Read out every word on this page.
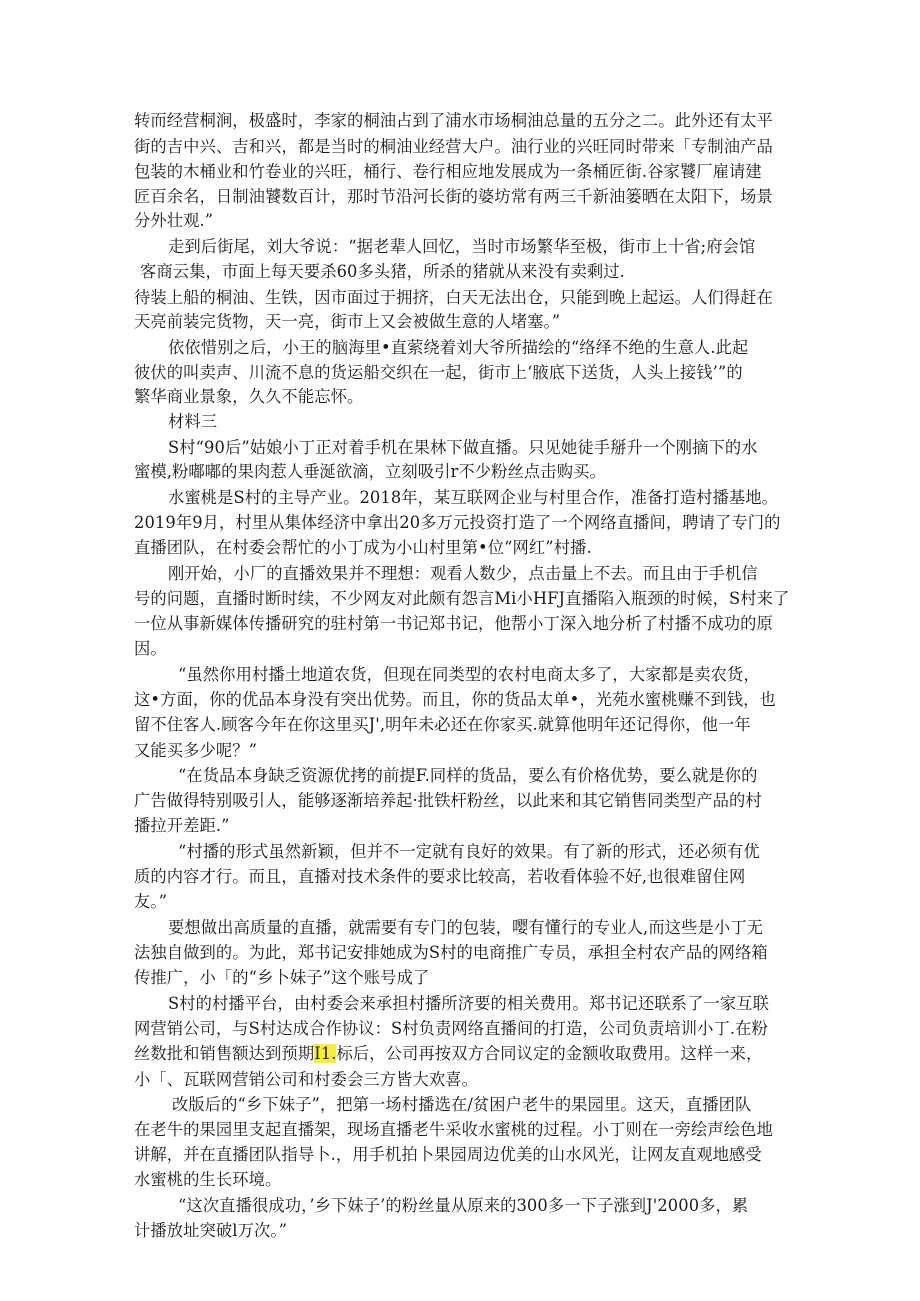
转而经营桐涧，极盛时，李家的桐油占到了浦水市场桐油总量的五分之二。此外还有太平

街的吉中兴、吉和兴，都是当时的桐油业经营大户。油行业的兴旺同时带来「专制油产品

包装的木桶业和竹卷业的兴旺，桶行、卷行相应地发展成为一条桶匠街.谷家饕厂雇请建

匠百余名，日制油饕数百计，那时节沿河长街的婆坊常有两三千新油篓晒在太阳下，场景

分外壮观.”

走到后街尾，刘大爷说：“据老辈人回忆，当时市场繁华至极，街市上十省;府会馆

客商云集，市面上每天要杀60多头猪，所杀的猪就从来没有卖剩过.

待装上船的桐油、生铁，因市面过于拥挤，白天无法出仓，只能到晚上起运。人们得赶在

天亮前装完货物，天一亮，街市上又会被做生意的人堵塞。”

依依惜别之后，小王的脑海里•直萦绕着刘大爷所描绘的“络绎不绝的生意人.此起

彼伏的叫卖声、川流不息的货运船交织在一起，街市上‘腋底下送货，人头上接钱’”的

繁华商业景象，久久不能忘怀。

材料三

S村“90后”姑娘小丁正对着手机在果林下做直播。只见她徒手掰升一个刚摘下的水

蜜模,粉嘟嘟的果肉惹人垂涎欲滴，立刻吸引r不少粉丝点击购买。

水蜜桃是S村的主导产业。2018年，某互联网企业与村里合作，准备打造村播基地。

2019年9月，村里从集体经济中拿出20多万元投资打造了一个网络直播间，聘请了专门的

直播团队，在村委会帮忙的小丁成为小山村里第•位“网红”村播.

刚开始，小厂的直播效果并不理想：观看人数少，点击量上不去。而且由于手机信

号的问题，直播时断时续，不少网友对此颇有怨言Mi小HFJ直播陷入瓶颈的时候，S村来了

一位从事新媒体传播研究的驻村第一书记郑书记，他帮小丁深入地分析了村播不成功的原

因。

“虽然你用村播土地道农货，但现在同类型的农村电商太多了，大家都是卖农货，

这•方面，你的优品本身没有突出优势。而且，你的货品太单•，光苑水蜜桃赚不到钱，也

留不住客人.顾客今年在你这里买J',明年未必还在你家买.就算他明年还记得你，他一年

又能买多少呢？”

“在货品本身缺乏资源优拷的前提F.同样的货品，要么有价格优势，要么就是你的

广告做得特别吸引人，能够逐渐培养起·批铁杆粉丝，以此来和其它销售同类型产品的村

播拉开差距.”

“村播的形式虽然新颖，但并不一定就有良好的效果。有了新的形式，还必须有优

质的内容才行。而且，直播对技术条件的要求比较高，若收看体验不好,也很难留住网

友。”

要想做出高质量的直播，就需要有专门的包装，嘤有懂行的专业人,而这些是小丁无

法独自做到的。为此，郑书记安排她成为S村的电商推广专员，承担全村农产品的网络箱

传推广，小「的“乡卜妹子”这个账号成了

S村的村播平台，由村委会来承担村播所济要的相关费用。郑书记还联系了一家互联

网营销公司，与S村达成合作协议：S村负责网络直播间的打造，公司负责培训小丁.在粉

丝数批和销售额达到预期I1.标后，公司再按双方合同议定的金额收取费用。这样一来，

小「、瓦联网营销公司和村委会三方皆大欢喜。

改版后的“乡下妹子”，把第一场村播选在/贫困户老牛的果园里。这天，直播团队

在老牛的果园里支起直播架，现场直播老牛采收水蜜桃的过程。小丁则在一旁绘声绘色地

讲解，并在直播团队指导卜.，用手机拍卜果园周边优美的山水风光，让网友直观地感受

水蜜桃的生长环境。

“这次直播很成功，’乡下妹子’的粉丝量从原来的300多一下子涨到J'2000多，累

计播放址突破l万次。”
